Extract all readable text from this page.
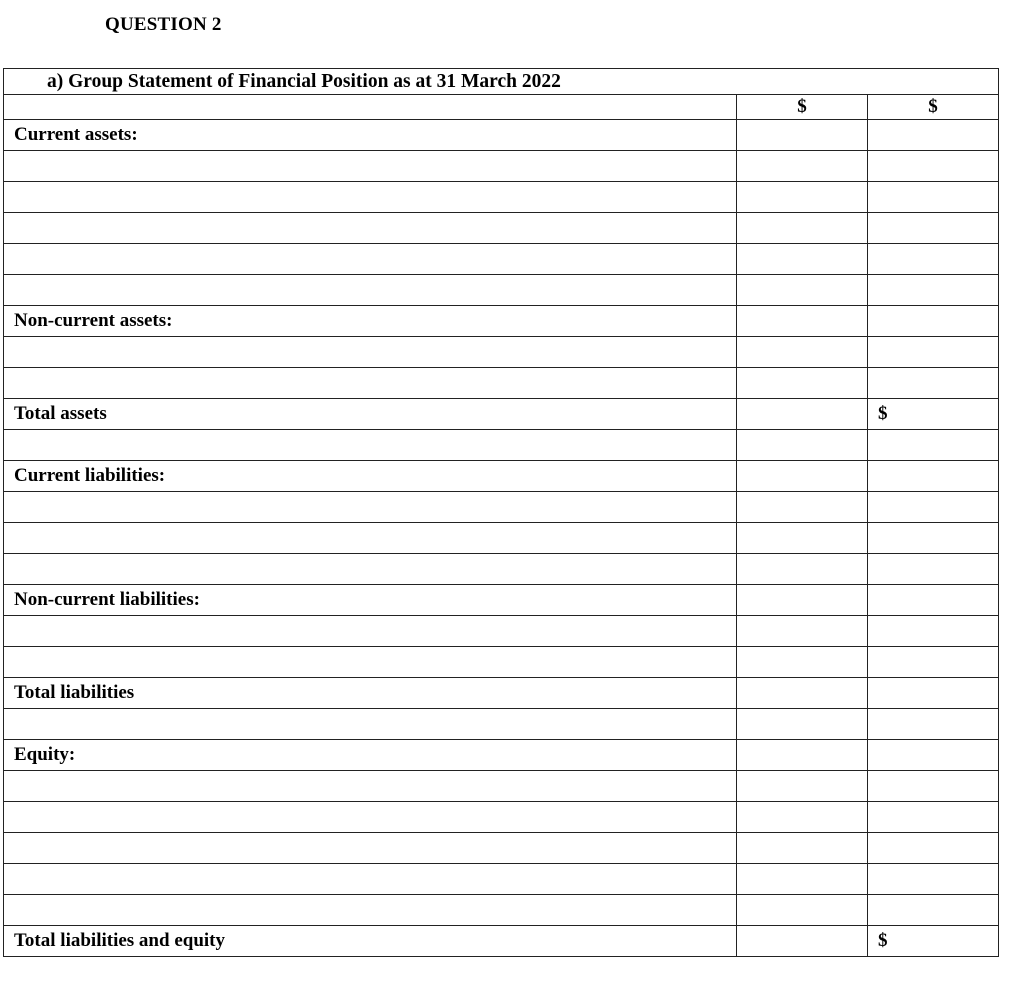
QUESTION 2
a) Group Statement of Financial Position as at 31 March 2022		
	$	$
Current assets:		

Non-current assets:		

Total assets		$

Current liabilities:		

Non-current liabilities:		

Total liabilities		

Equity:		

Total liabilities and equity		$
